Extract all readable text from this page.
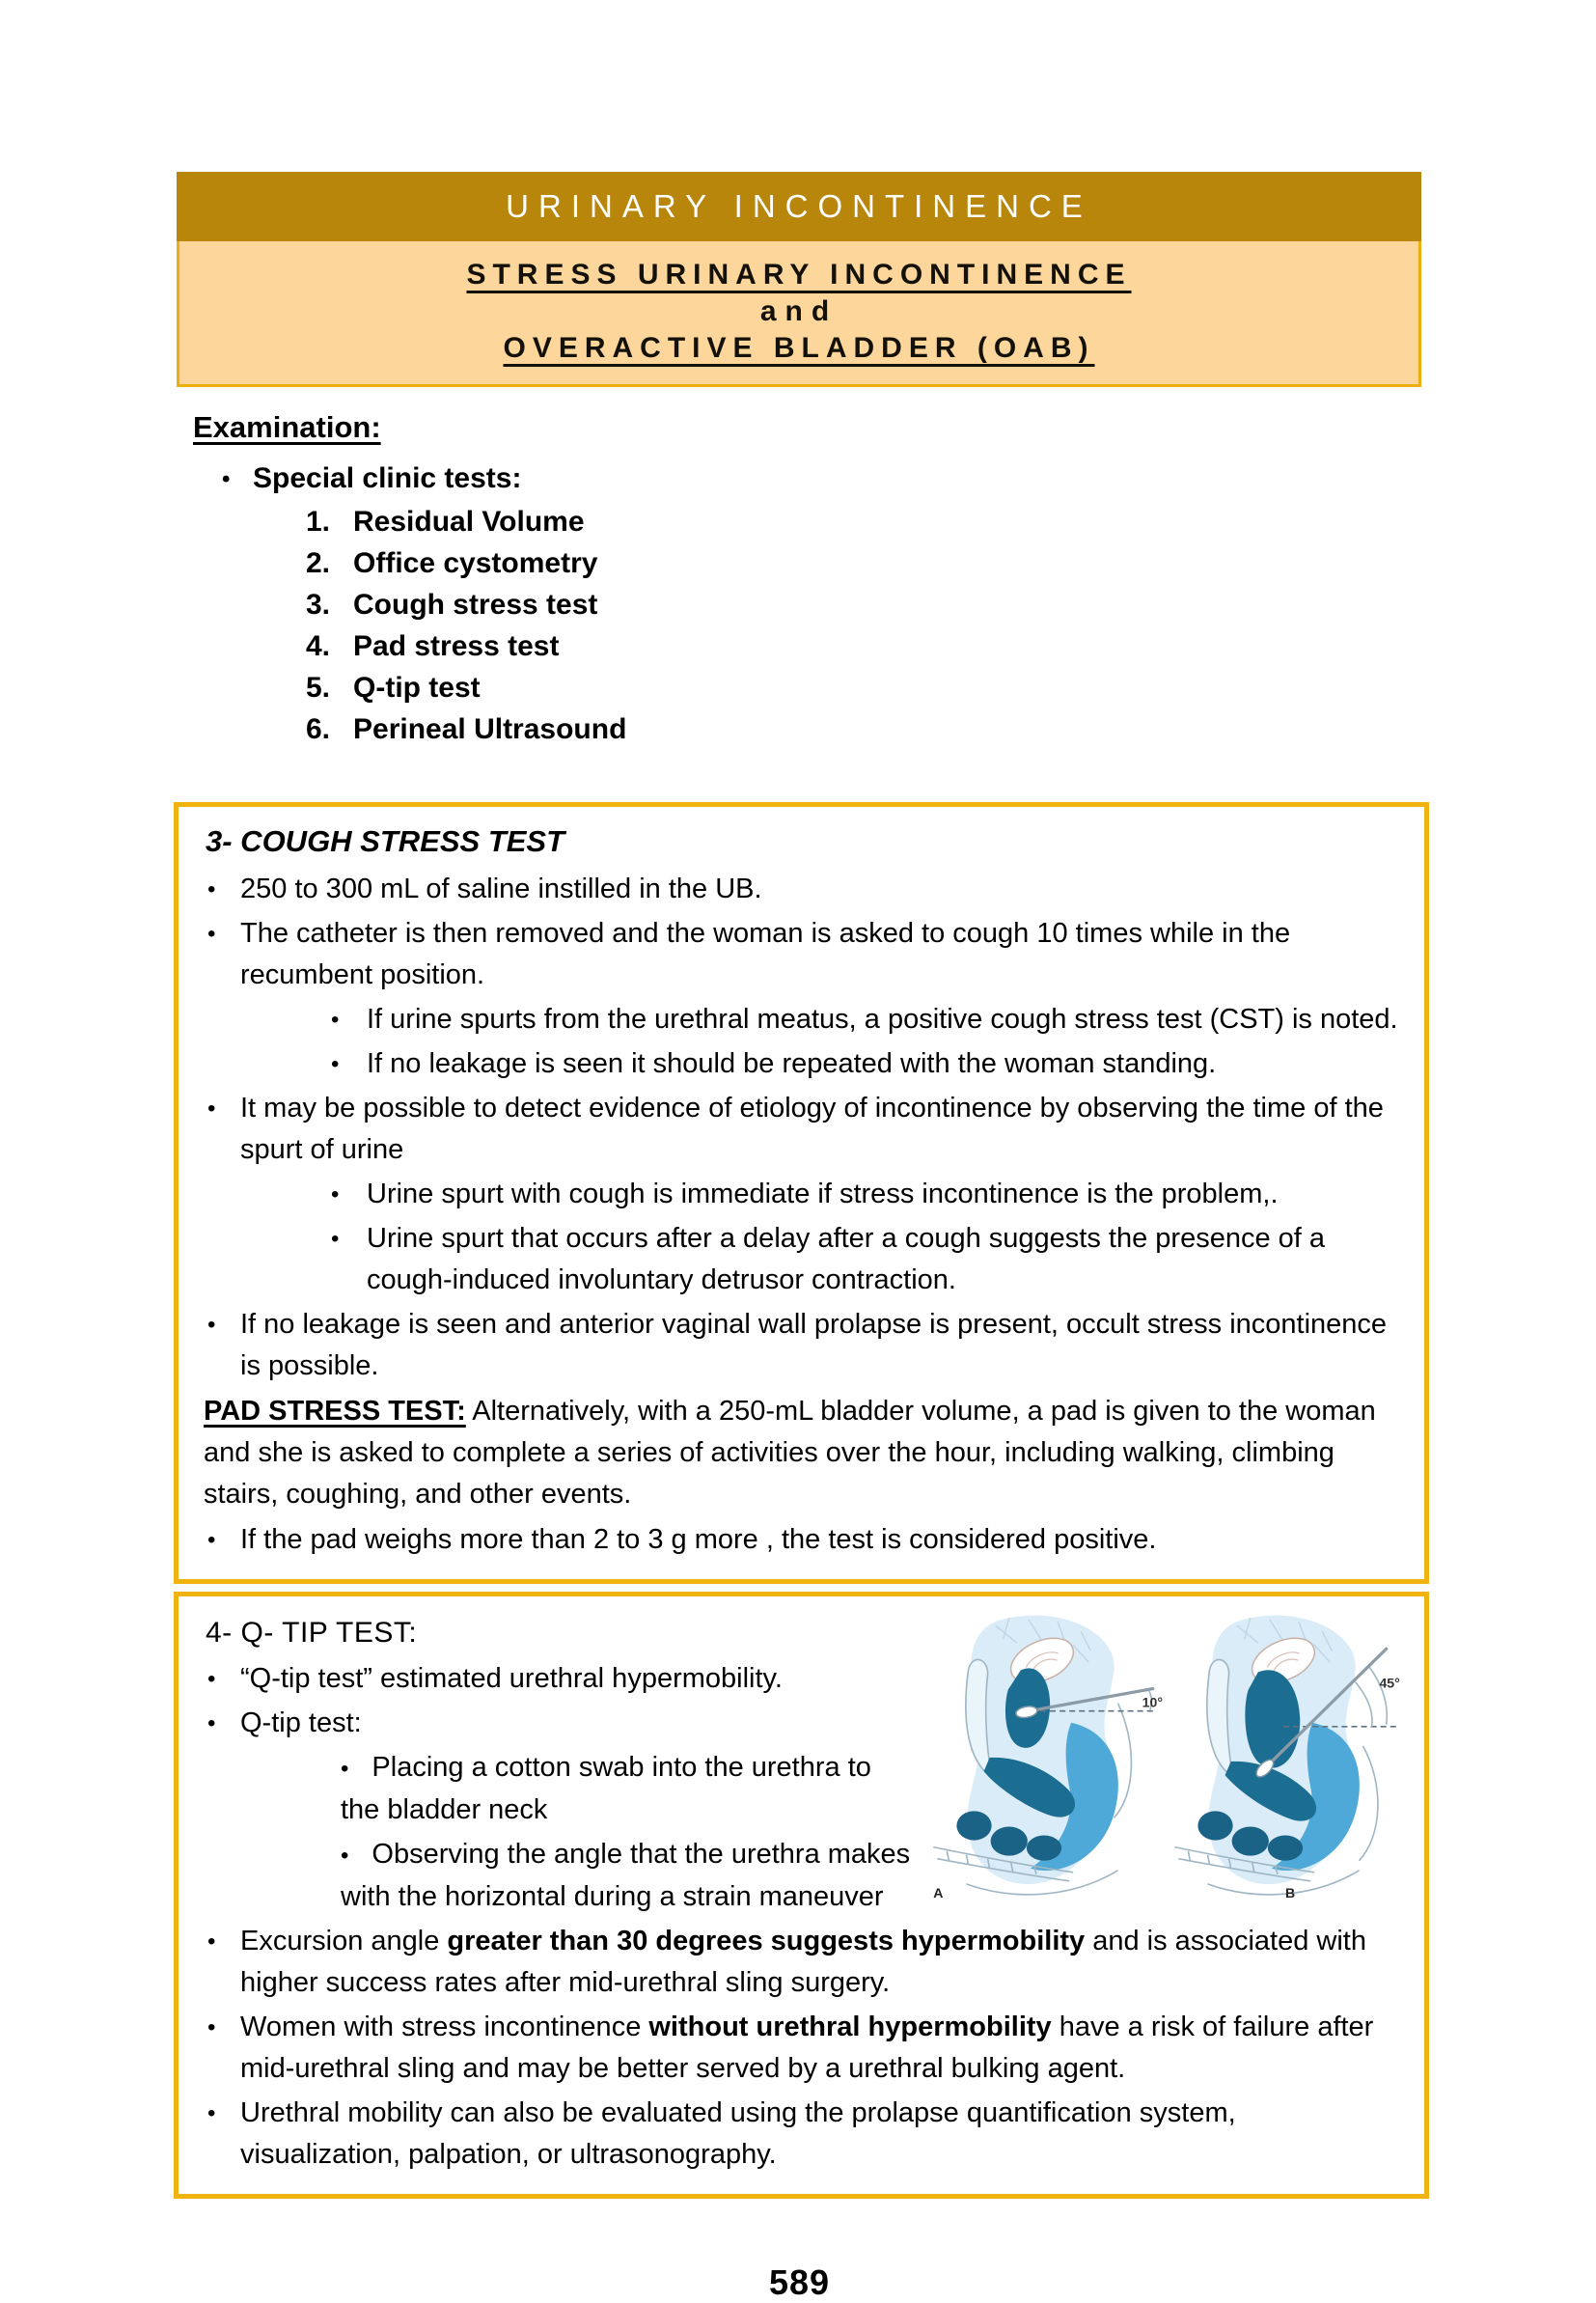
URINARY INCONTINENCE
STRESS URINARY INCONTINENCE
and
OVERACTIVE BLADDER (OAB)
Examination:
• Special clinic tests:
1. Residual Volume
2. Office cystometry
3. Cough stress test
4. Pad stress test
5. Q-tip test
6. Perineal Ultrasound
3- COUGH STRESS TEST
• 250 to 300 mL of saline instilled in the UB.
• The catheter is then removed and the woman is asked to cough 10 times while in the recumbent position.
• If urine spurts from the urethral meatus, a positive cough stress test (CST) is noted.
• If no leakage is seen it should be repeated with the woman standing.
• It may be possible to detect evidence of etiology of incontinence by observing the time of the spurt of urine
• Urine spurt with cough is immediate if stress incontinence is the problem,.
• Urine spurt that occurs after a delay after a cough suggests the presence of a cough-induced involuntary detrusor contraction.
• If no leakage is seen and anterior vaginal wall prolapse is present, occult stress incontinence is possible.
PAD STRESS TEST: Alternatively, with a 250-mL bladder volume, a pad is given to the woman and she is asked to complete a series of activities over the hour, including walking, climbing stairs, coughing, and other events.
• If the pad weighs more than 2 to 3 g more , the test is considered positive.
10°
A
45°
B
4- Q- TIP TEST:
• “Q-tip test” estimated urethral hypermobility.
• Q-tip test:
• Placing a cotton swab into the urethra to the bladder neck
• Observing the angle that the urethra makes with the horizontal during a strain maneuver
• Excursion angle greater than 30 degrees suggests hypermobility and is associated with higher success rates after mid-urethral sling surgery.
• Women with stress incontinence without urethral hypermobility have a risk of failure after mid-urethral sling and may be better served by a urethral bulking agent.
• Urethral mobility can also be evaluated using the prolapse quantification system, visualization, palpation, or ultrasonography.
589
